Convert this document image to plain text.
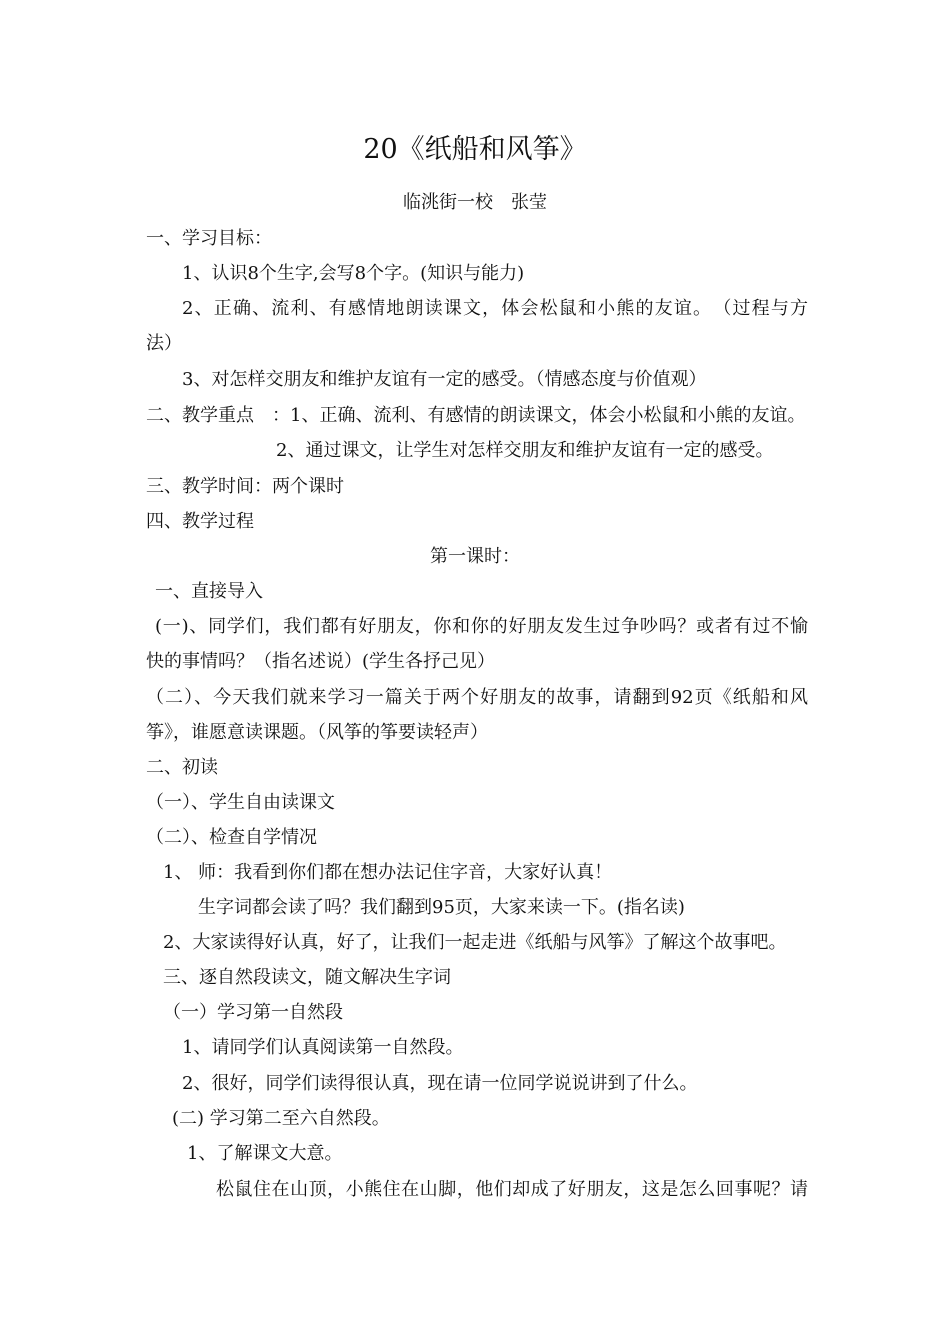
20《纸船和风筝》
临洮街一校　张莹
一、学习目标：
1、认识8个生字,会写8个字。(知识与能力)
2、正确、流利、有感情地朗读课文，体会松鼠和小熊的友谊。　（过程与方
法）
3、对怎样交朋友和维护友谊有一定的感受。（情感态度与价值观）
二、教学重点　：1、正确、流利、有感情的朗读课文，体会小松鼠和小熊的友谊。
2、通过课文，让学生对怎样交朋友和维护友谊有一定的感受。
三、教学时间：两个课时
四、教学过程
第一课时：
一、直接导入
(一)、同学们，我们都有好朋友，你和你的好朋友发生过争吵吗？或者有过不愉
快的事情吗？（指名述说）(学生各抒己见）
（二）、今天我们就来学习一篇关于两个好朋友的故事，请翻到92页《纸船和风
筝》，谁愿意读课题。（风筝的筝要读轻声）
二、初读
（一）、学生自由读课文
（二）、检查自学情况
1、 师：我看到你们都在想办法记住字音，大家好认真！
生字词都会读了吗？我们翻到95页，大家来读一下。(指名读)
2、大家读得好认真，好了，让我们一起走进《纸船与风筝》了解这个故事吧。
三、逐自然段读文，随文解决生字词
（一）学习第一自然段
1、请同学们认真阅读第一自然段。
2、很好，同学们读得很认真，现在请一位同学说说讲到了什么。
(二) 学习第二至六自然段。
1、了解课文大意。
松鼠住在山顶，小熊住在山脚，他们却成了好朋友，这是怎么回事呢？请
